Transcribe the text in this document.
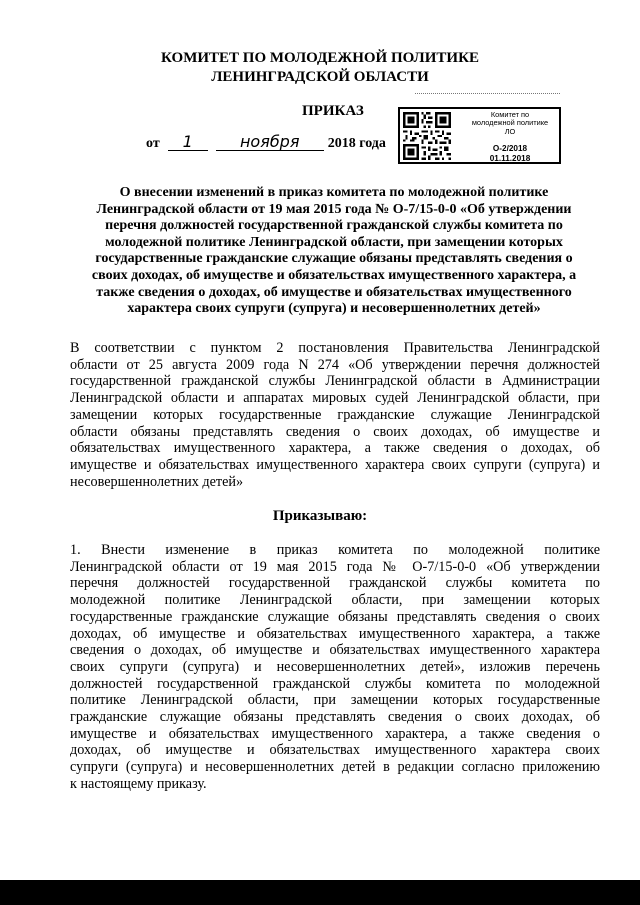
КОМИТЕТ ПО МОЛОДЕЖНОЙ ПОЛИТИКЕ
ЛЕНИНГРАДСКОЙ ОБЛАСТИ
ПРИКАЗ
от 1	ноября 2018 года
Комитет по
молодежной политике
ЛО
О-2/2018
01.11.2018
О внесении изменений в приказ комитета по молодежной политике
Ленинградской области от 19 мая 2015 года № О-7/15-0-0 «Об утверждении
перечня должностей государственной гражданской службы комитета по
молодежной политике Ленинградской области, при замещении которых
государственные гражданские служащие обязаны представлять сведения о
своих доходах, об имуществе и обязательствах имущественного характера, а
также сведения о доходах, об имуществе и обязательствах имущественного
характера своих супруги (супруга) и несовершеннолетних детей»
В соответствии с пунктом 2 постановления Правительства Ленинградской
области от 25 августа 2009 года N 274 «Об утверждении перечня должностей
государственной гражданской службы Ленинградской области в Администрации
Ленинградской области и аппаратах мировых судей Ленинградской области, при
замещении которых государственные гражданские служащие Ленинградской
области обязаны представлять сведения о своих доходах, об имуществе и
обязательствах имущественного характера, а также сведения о доходах, об
имуществе и обязательствах имущественного характера своих супруги (супруга) и
несовершеннолетних детей»
Приказываю:
1. Внести изменение в приказ комитета по молодежной политике
Ленинградской области от 19 мая 2015 года № О-7/15-0-0 «Об утверждении
перечня должностей государственной гражданской службы комитета по
молодежной политике Ленинградской области, при замещении которых
государственные гражданские служащие обязаны представлять сведения о своих
доходах, об имуществе и обязательствах имущественного характера, а также
сведения о доходах, об имуществе и обязательствах имущественного характера
своих супруги (супруга) и несовершеннолетних детей», изложив перечень
должностей государственной гражданской службы комитета по молодежной
политике Ленинградской области, при замещении которых государственные
гражданские служащие обязаны представлять сведения о своих доходах, об
имуществе и обязательствах имущественного характера, а также сведения о
доходах, об имуществе и обязательствах имущественного характера своих
супруги (супруга) и несовершеннолетних детей в редакции согласно приложению
к настоящему приказу.
